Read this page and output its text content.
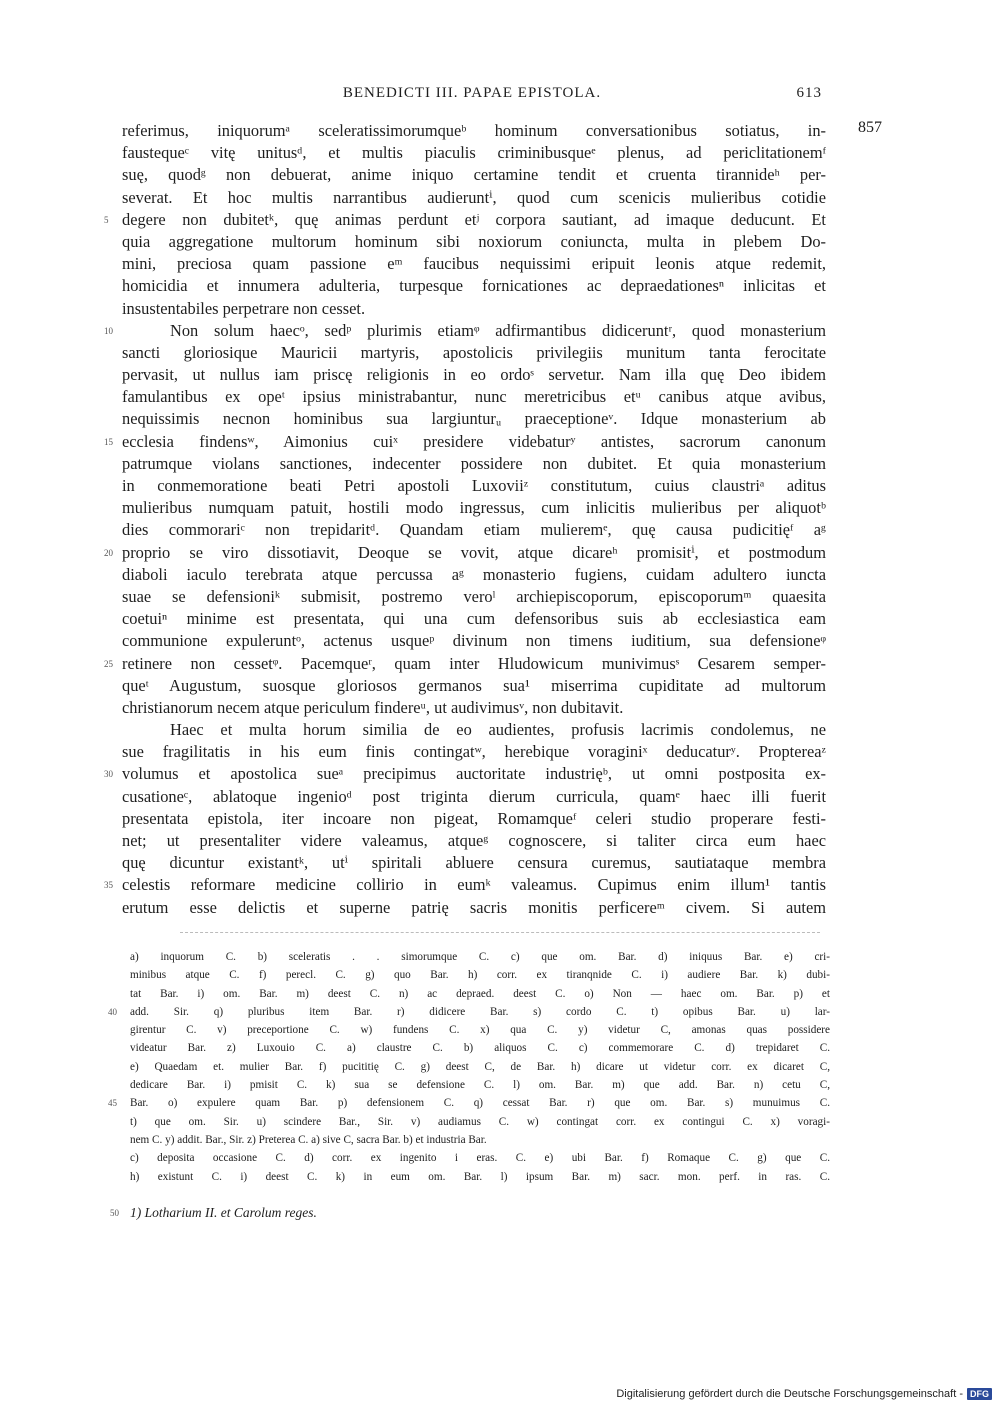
BENEDICTI III. PAPAE EPISTOLA.	613
857
referimus, iniquorumᵃ sceleratissimorumqueᵇ hominum conversationibus sotiatus, in-
faustequeᶜ vitę unitusᵈ, et multis piaculis criminibusqueᵉ plenus, ad periclitationemᶠ
suę, quodᵍ non debuerat, anime iniquo certamine tendit et cruenta tirannideʰ per-
severat. Et hoc multis narrantibus audieruntⁱ, quod cum scenicis mulieribus cotidie
5 degere non dubitetᵏ, quę animas perdunt etʲ corpora sautiant, ad imaque deducunt. Et
quia aggregatione multorum hominum sibi noxiorum coniuncta, multa in plebem Do-
mini, preciosa quam passione eᵐ faucibus nequissimi eripuit leonis atque redemit,
homicidia et innumera adulteria, turpesque fornicationes ac depraedationesⁿ inlicitas et
insustentabiles perpetrare non cesset.
10	Non solum haecᵒ, sedᵖ plurimis etiamᵠ adfirmantibus didiceruntʳ, quod monasterium
sancti gloriosique Mauricii martyris, apostolicis privilegiis munitum tanta ferocitate
pervasit, ut nullus iam priscę religionis in eo ordoˢ servetur. Nam illa quę Deo ibidem
famulantibus ex opeᵗ ipsius ministrabantur, nunc meretricibus etᵘ canibus atque avibus,
nequissimis necnon hominibus sua largiunturᵤ praeceptioneᵛ. Idque monasterium ab
15 ecclesia findensʷ, Aimonius cuiˣ presidere videbaturʸ antistes, sacrorum canonum
patrumque violans sanctiones, indecenter possidere non dubitet. Et quia monasterium
in conmemoratione beati Petri apostoli Luxoviiᶻ constitutum, cuius claustriᵃ aditus
mulieribus numquam patuit, hostili modo ingressus, cum inlicitis mulieribus per aliquotᵇ
dies commorariᶜ non trepidaritᵈ. Quandam etiam mulieremᵉ, quę causa pudicitięᶠ aᵍ
20 proprio se viro dissotiavit, Deoque se vovit, atque dicareʰ promisitⁱ, et postmodum
diaboli iaculo terebrata atque percussa aᵍ monasterio fugiens, cuidam adultero iuncta
suae se defensioniᵏ submisit, postremo veroˡ archiepiscoporum, episcoporumᵐ quaesita
coetuiⁿ minime est presentata, qui una cum defensoribus suis ab ecclesiastica eam
communione expuleruntᵒ, actenus usqueᵖ divinum non timens iuditium, sua defensioneᵠ
25 retinere non cessetᵠ. Pacemqueʳ, quam inter Hludowicum munivimusˢ Cesarem semper-
queᵗ Augustum, suosque gloriosos germanos sua¹ miserrima cupiditate ad multorum
christianorum necem atque periculum findereᵘ, ut audivimusᵛ, non dubitavit.
Haec et multa horum similia de eo audientes, profusis lacrimis condolemus, ne
sue fragilitatis in his eum finis contingatʷ, herebique voraginiˣ deducaturʸ. Proptereaᶻ
30 volumus et apostolica sueᵃ precipimus auctoritate industrięᵇ, ut omni postposita ex-
cusationeᶜ, ablatoque ingenioᵈ post triginta dierum curricula, quamᵉ haec illi fuerit
presentata epistola, iter incoare non pigeat, Romamqueᶠ celeri studio properare festi-
net; ut presentaliter videre valeamus, atqueᵍ cognoscere, si taliter circa eum haec
quę dicuntur existantᵏ, utⁱ spiritali abluere censura curemus, sautiataque membra
35 celestis reformare medicine collirio in eumᵏ valeamus. Cupimus enim illum¹ tantis
erutum esse delictis et superne patrię sacris monitis perficereᵐ civem. Si autem
a) inquorum C. b) sceleratis . . simorumque C. c) que om. Bar. d) iniquus Bar. e) cri-
minibus atque C. f) perecl. C. g) quo Bar. h) corr. ex tiranqnide C. i) audiere Bar. k) dubi-
tat Bar. i) om. Bar. m) deest C. n) ac depraed. deest C. o) Non — haec om. Bar. p) et
40 add. Sir. q) pluribus item Bar. r) didicere Bar. s) cordo C. t) opibus Bar. u) lar-
girentur C. v) preceportione C. w) fundens C. x) qua C. y) videtur C, amonas quas possidere
videatur Bar. z) Luxouio C. a) claustre C. b) aliquos C. c) commemorare C. d) trepidaret C.
e) Quaedam et. mulier Bar. f) pucititię C. g) deest C, de Bar. h) dicare ut videtur corr. ex dicaret C,
dedicare Bar. i) pmisit C. k) sua se defensione C. l) om. Bar. m) que add. Bar. n) cetu C,
45 Bar. o) expulere quam Bar. p) defensionem C. q) cessat Bar. r) que om. Bar. s) munuimus C.
t) que om. Sir. u) scindere Bar., Sir. v) audiamus C. w) contingat corr. ex contingui C. x) voragi-
nem C. y) addit. Bar., Sir. z) Preterea C. a) sive C, sacra Bar. b) et industria Bar.
c) deposita occasione C. d) corr. ex ingenito i eras. C. e) ubi Bar. f) Romaque C. g) que C.
h) existunt C. i) deest C. k) in eum om. Bar. l) ipsum Bar. m) sacr. mon. perf. in ras. C.
50 1) Lotharium II. et Carolum reges.
Digitalisierung gefördert durch die Deutsche Forschungsgemeinschaft - DFG
